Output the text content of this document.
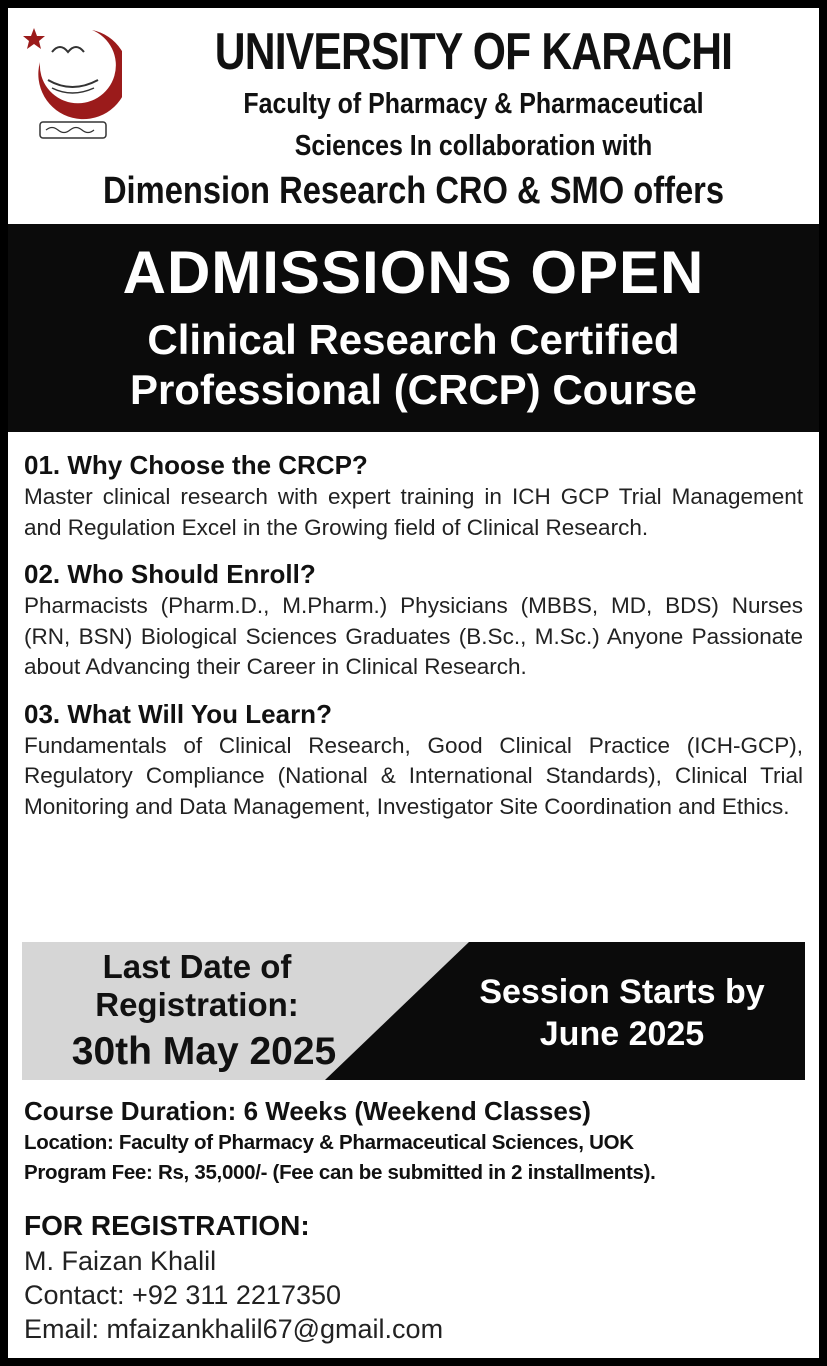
UNIVERSITY OF KARACHI
Faculty of Pharmacy & Pharmaceutical
Sciences In collaboration with
Dimension Research CRO & SMO offers
ADMISSIONS OPEN
Clinical Research Certified
Professional (CRCP) Course
01. Why Choose the CRCP?
Master clinical research with expert training in ICH GCP Trial Management and Regulation Excel in the Growing field of Clinical Research.
02. Who Should Enroll?
Pharmacists (Pharm.D., M.Pharm.) Physicians (MBBS, MD, BDS) Nurses (RN, BSN) Biological Sciences Graduates (B.Sc., M.Sc.) Anyone Passionate about Advancing their Career in Clinical Research.
03. What Will You Learn?
Fundamentals of Clinical Research, Good Clinical Practice (ICH-GCP), Regulatory Compliance (National & International Standards), Clinical Trial Monitoring and Data Management, Investigator Site Coordination and Ethics.
Last Date of
Registration:
30th May 2025
Session Starts by
June 2025
Course Duration: 6 Weeks (Weekend Classes)
Location: Faculty of Pharmacy & Pharmaceutical Sciences, UOK
Program Fee: Rs, 35,000/- (Fee can be submitted in 2 installments).
FOR REGISTRATION:
M. Faizan Khalil
Contact: +92 311 2217350
Email: mfaizankhalil67@gmail.com
